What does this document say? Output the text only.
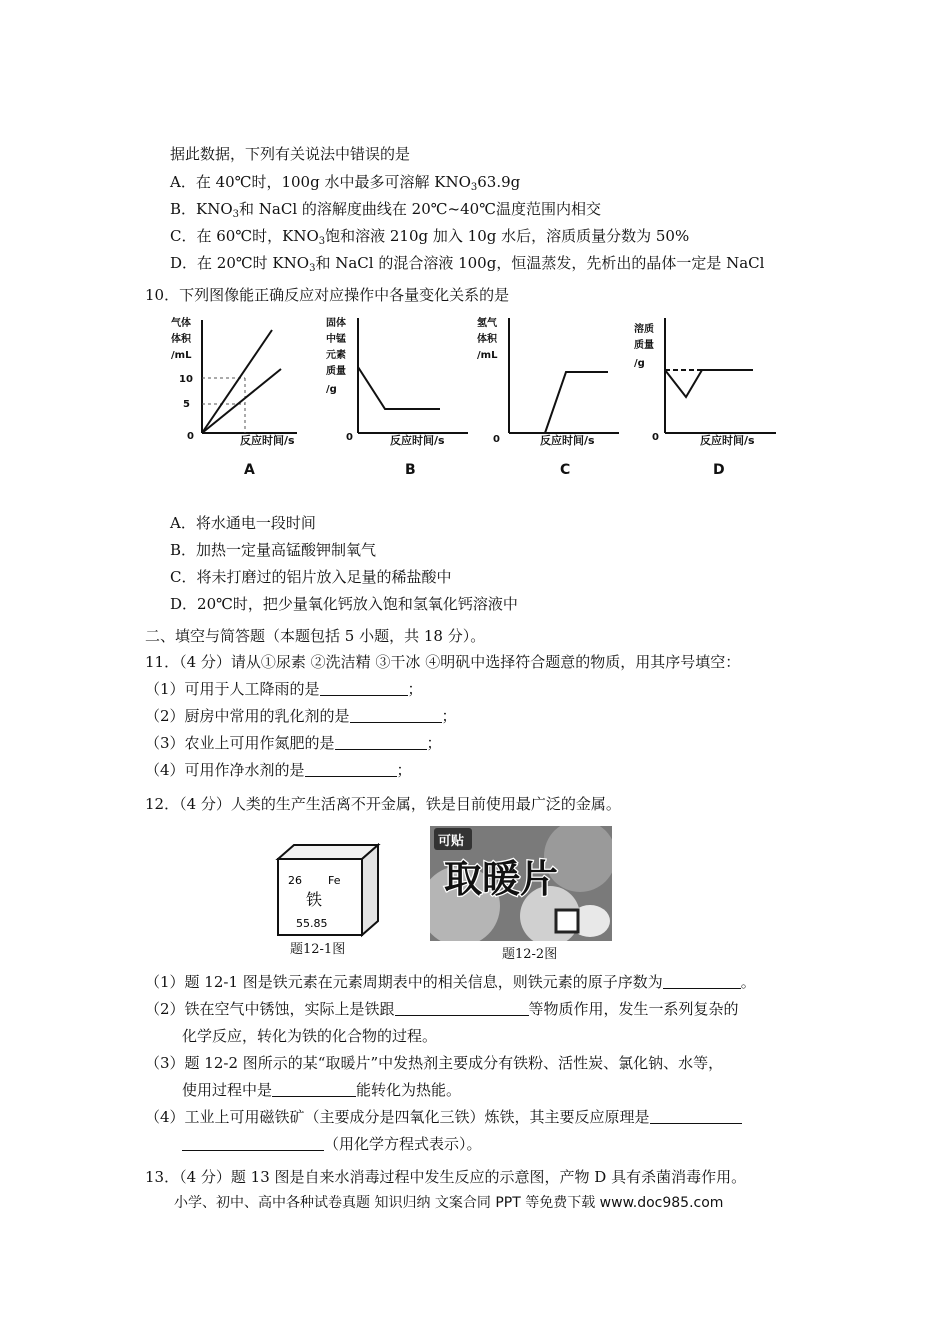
据此数据，下列有关说法中错误的是
A．在 40℃时，100g 水中最多可溶解 $KNO_363.9g$
B．$KNO_3$和 NaCl 的溶解度曲线在 20℃~40℃温度范围内相交
C．在 60℃时，$KNO_3$饱和溶液 210g 加入 10g 水后，溶质质量分数为 50%
D．在 20℃时 $KNO_3$和 NaCl 的混合溶液 100g，恒温蒸发，先析出的晶体一定是 NaCl
10．下列图像能正确反应对应操作中各量变化关系的是
气体
体积
/mL
10
5
0	反应时间/s
A
固体
中锰
元素
质量
/g
0	反应时间/s
B
氢气
体积
/mL
0	反应时间/s
C
溶质
质量
/g
0	反应时间/s
D
A．将水通电一段时间
B．加热一定量高锰酸钾制氧气
C．将未打磨过的铝片放入足量的稀盐酸中
D．20℃时，把少量氧化钙放入饱和氢氧化钙溶液中
二、填空与简答题（本题包括 5 小题，共 18 分）。
11．（4 分）请从①尿素 ②洗洁精 ③干冰 ④明矾中选择符合题意的物质，用其序号填空：
（1）可用于人工降雨的是	；
（2）厨房中常用的乳化剂的是	；
（3）农业上可用作氮肥的是	；
（4）可用作净水剂的是	；
12．（4 分）人类的生产生活离不开金属，铁是目前使用最广泛的金属。
26 Fe
铁
55.85
题12-1图
可贴
取暖片
题12-2图
（1）题 12-1 图是铁元素在元素周期表中的相关信息，则铁元素的原子序数为	。
（2）铁在空气中锈蚀，实际上是铁跟	等物质作用，发生一系列复杂的
化学反应，转化为铁的化合物的过程。
（3）题 12-2 图所示的某“取暖片”中发热剂主要成分有铁粉、活性炭、氯化钠、水等，
使用过程中是	能转化为热能。
（4）工业上可用磁铁矿（主要成分是四氧化三铁）炼铁，其主要反应原理是
（用化学方程式表示）。
13．（4 分）题 13 图是自来水消毒过程中发生反应的示意图，产物 D 具有杀菌消毒作用。
小学、初中、高中各种试卷真题 知识归纳 文案合同 PPT 等免费下载 www.doc985.com
